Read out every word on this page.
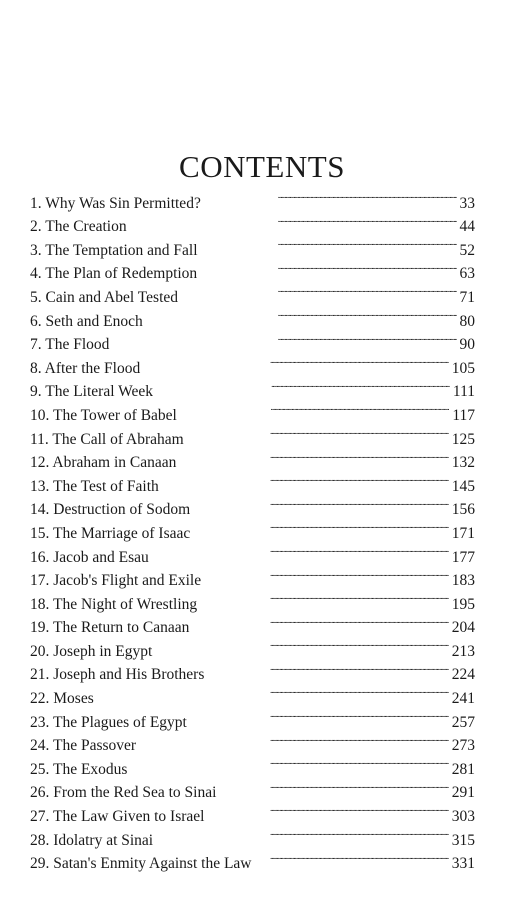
CONTENTS
1. Why Was Sin Permitted? . . .	33
2. The Creation . . .	44
3. The Temptation and Fall . . .	52
4. The Plan of Redemption . . .	63
5. Cain and Abel Tested . . .	71
6. Seth and Enoch . . .	80
7. The Flood . . .	90
8. After the Flood . . .	105
9. The Literal Week . . .	111
10. The Tower of Babel . . .	117
11. The Call of Abraham . . .	125
12. Abraham in Canaan . . .	132
13. The Test of Faith . . .	145
14. Destruction of Sodom . . .	156
15. The Marriage of Isaac . . .	171
16. Jacob and Esau . . .	177
17. Jacob's Flight and Exile . . .	183
18. The Night of Wrestling . . .	195
19. The Return to Canaan . . .	204
20. Joseph in Egypt . . .	213
21. Joseph and His Brothers . . .	224
22. Moses . . .	241
23. The Plagues of Egypt . . .	257
24. The Passover . . .	273
25. The Exodus . . .	281
26. From the Red Sea to Sinai . . .	291
27. The Law Given to Israel . . .	303
28. Idolatry at Sinai . . .	315
29. Satan's Enmity Against the Law . . .	331
